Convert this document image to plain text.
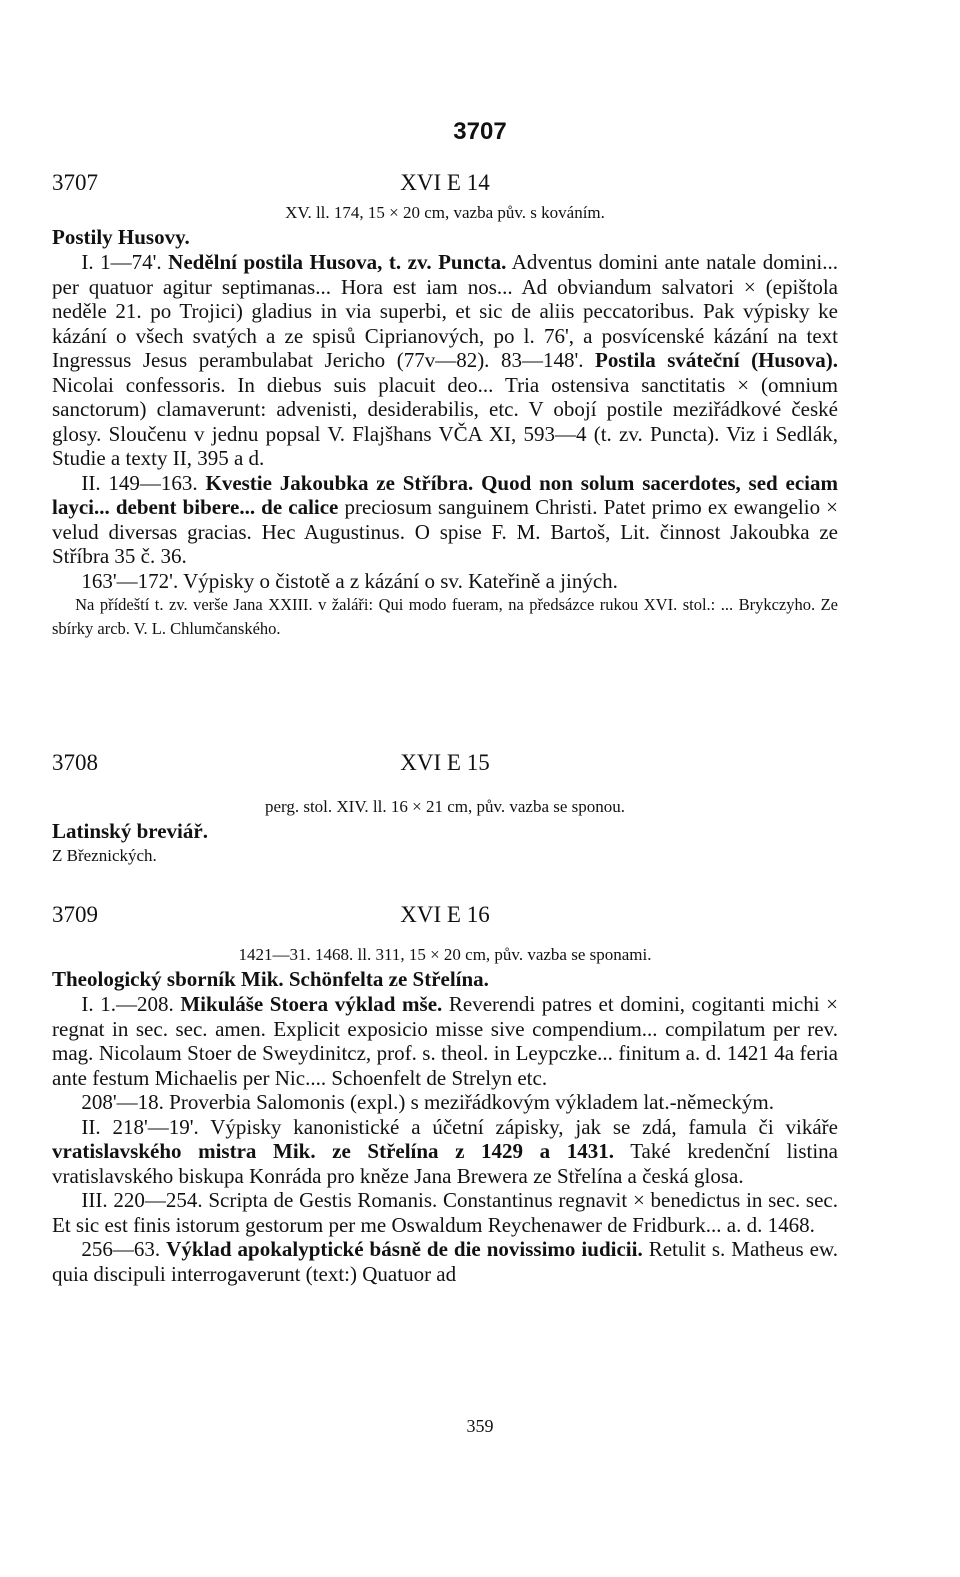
3707
3707	XVI E 14
XV. ll. 174, 15 × 20 cm, vazba pův. s kováním.
Postily Husovy.

I. 1—74'. Nedělní postila Husova, t. zv. Puncta. Adventus domini ante natale domini... per quatuor agitur septimanas... Hora est iam nos... Ad obviandum salvatori × (epištola neděle 21. po Trojici) gladius in via superbi, et sic de aliis peccatoribus. Pak výpisky ke kázání o všech svatých a ze spisů Ciprianových, po l. 76', a posvícenské kázání na text Ingressus Jesus perambulabat Jericho (77v—82). 83—148'. Postila sváteční (Husova). Nicolai confessoris. In diebus suis placuit deo... Tria ostensiva sanctitatis × (omnium sanctorum) clamaverunt: advenisti, desiderabilis, etc. V obojí postile meziřádkové české glosy. Sloučenu v jednu popsal V. Flajšhans VČA XI, 593—4 (t. zv. Puncta). Viz i Sedlák, Studie a texty II, 395 a d.

II. 149—163. Kvestie Jakoubka ze Stříbra. Quod non solum sacerdotes, sed eciam layci... debent bibere... de calice preciosum sanguinem Christi. Patet primo ex ewangelio × velud diversas gracias. Hec Augustinus. O spise F. M. Bartoš, Lit. činnost Jakoubka ze Stříbra 35 č. 36.

163'—172'. Výpisky o čistotě a z kázání o sv. Kateřině a jiných.

Na přídeští t. zv. verše Jana XXIII. v žaláři: Qui modo fueram, na předsázce rukou XVI. stol.: ... Brykczyho. Ze sbírky arcb. V. L. Chlumčanského.

3708	XVI E 15
perg. stol. XIV. ll. 16 × 21 cm, pův. vazba se sponou.
Latinský breviář.
Z Březnických.
3709	XVI E 16
1421—31. 1468. ll. 311, 15 × 20 cm, pův. vazba se sponami.
Theologický sborník Mik. Schönfelta ze Střelína.

I. 1.—208. Mikuláše Stoera výklad mše. Reverendi patres et domini, cogitanti michi × regnat in sec. sec. amen. Explicit exposicio misse sive compendium... compilatum per rev. mag. Nicolaum Stoer de Sweydinitcz, prof. s. theol. in Leypczke... finitum a. d. 1421 4a feria ante festum Michaelis per Nic.... Schoenfelt de Strelyn etc.

208'—18. Proverbia Salomonis (expl.) s meziřádkovým výkladem lat.-německým.

II. 218'—19'. Výpisky kanonistické a účetní zápisky, jak se zdá, famula či vikáře vratislavského mistra Mik. ze Střelína z 1429 a 1431. Také kredenční listina vratislavského biskupa Konráda pro kněze Jana Brewera ze Střelína a česká glosa.

III. 220—254. Scripta de Gestis Romanis. Constantinus regnavit × benedictus in sec. sec. Et sic est finis istorum gestorum per me Oswaldum Reychenawer de Fridburk... a. d. 1468.

256—63. Výklad apokalyptické básně de die novissimo iudicii. Retulit s. Matheus ew. quia discipuli interrogaverunt (text:) Quatuor ad

359
